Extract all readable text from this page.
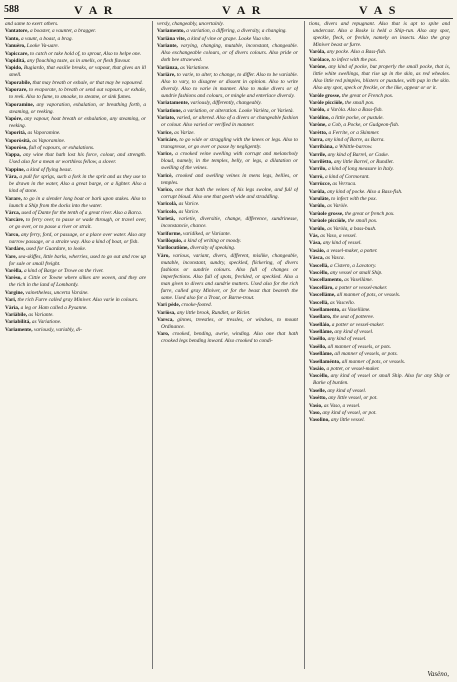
588	V A R	V A R	V A S
and same to exert others.
Vantatore, a boaster, a vaunter, a bragger.
Vanto, a vaunt, a boast, a brag.
Vanuèro, Looke Va-uare.
Vapiccare, to catch or take hold of, to sprout, Also to helpe one.
Vapiditá, any flouching taste, as in smells, or flesh flavour.
Vapido, Bugiardo, that easilie breaks, or vapour, that gives an ill smell.
Vaporabile, that may breath or exhale, or that may be vapoured.
Vaporare, to evaporate, to breath or send out vapours, or exhale, to reek. Also to fume, to smoake, to steame, or sink fumes.
Vaporamine, any vaporation, exhalation, or breathing forth, a steaming, or reeking.
Vapóre, any vapour, hoat breath or exhalation, any steaming, or reeking.
Vaporità, as Vaporamine.
Vaporòsità, as Vaporamine.
Vaporòso, full of vapours, or exhalations.
Vappa, any wine that hath lost his force, colour, and strength. Used also for a mean or worthless fellow, a slover.
Vappine, a kind of flying beast.
Vàra, a pull for sprigs, such a fork in the sprit and as they use to be drawn in the water, Also a great barge, or a lighter. Also a kind of stone.
Varare, to go in a slender long boat or bark upon stakes. Also to launch a Ship from the docks into the water.
Vàrca, used of Dante for the tenth of a great river. Also a Barca.
Varcàre, to ferry over, to passe or wade through, or travel over, or go over, or to passe a river or strait.
Varco, any ferry, ford, or passage, or a place over water. Also any narrow passage, or a straite way. Also a kind of boat, or fish.
Vardàre, used for Guardare, to looke.
Vare, sea-skiffes, little barks, wherries, used to go out and row up for sale or small freight.
Varèlla, a kind of Barge or Trowe on the river.
Varèso, a Cittie or Towne where silkes are woven, and they are the rich in the land of Lombardy.
Vargine, vainetheless, uncerta Varsine.
Vari, the rich Furre called gray Miniver. Also varie in colours.
Vàrìa, a leg or Ham called a Pysanne.
Variàbile, as Variante.
Variabilitá, as Variatione.
Variamente, variously, variably, di-
versly, changeably, uncertainly.
Variamento, a variation, a differing, a diversity, a changing.
Variàna vite, a kind of vine or grape. Looke Vua vite.
Variante, varying, changing, mutable, inconstant, changeable. Also exchangeable colours, or of divers colours. Also pride or doth bee strawwed.
Variànza, as Variatione.
Variàre, to varie, to alter, to change, to differ. Also to be variable. Also to vary, to disagree or dissent in opinion. Also to write diversly. Also to varie in manner. Also to make divers or of sundrie fashions and colours, or mingle and enterlace diversly.
Variatamente, variously, differently, changeably.
Variatione, a variation, or alteration. Looke Varièta, or Varietà.
Variato, varied, or altered. Also of a divers or changeable fashion or colour. Also varied or verified in manner.
Varice, as Varize.
Varicàre, to go wide or straggling with the knees or legs. Also to transgresse, or go over or passe by negligently.
Varice, a crooked veine swelling with corrupt and melancholy bloud, namely, in the temples, belly, or legs, a dilatation or swelling of the veines.
Varicè, crooked and swelling veines in mens legs, bellies, or temples.
Varìco, one that hath the veines of his legs swolne, and full of corrupt bloud. Also one that goeth wide and straddling.
Varicolà, as Varice.
Varicolo, as Varice.
Varietà, varietie, diversitie, change, difference, sundrinesse, inconstancie, chance.
Variforme, varidiked, or Variante.
Varilòquio, a kind of writing or moody.
Varilocutiòne, diversity of speaking.
Vàro, various, variant, divers, different, mislike, changeable, mutable, inconstant, sundry, speckled, flickering, of divers fashions or sundrie colours. Also full of changes or imperfections. Also full of spots, freckled, or speckled. Also a man given to divers and sundrie matters. Used also for the rich furre, called gray Miniver, or for the beast that beareth the same. Used also for a Trout, or Barne-trout.
Vari pède, crooke-footed.
Variòsa, any little brook, Rundlet, or Riclet.
Varsca, ginnes, treestles, or tressles, or windses, to mount Ordinance.
Varo, crooked, bending, awrie, winding. Also one that hath crooked legs bending inward. Also crooked to condi-
tions, divers and repugnant. Also that is apt to spite and undercast. Also a Boske is held a Ship-run. Also any spot, speckle, fleck, or freckle, namely on insects. Also the gray Miniver beast or furre.
Varòla, any pocke. Also a Bass-fish.
Varòlace, to infect with the pox.
Varòne, any kind of pocke, but properly the small pocke, that is, little white swellings, that rise up in the skin, as red wheales. Also little red pimples, blisters or pustules, with pap in the skin. Also any spot, speck or freckle, or the like, appear or or it.
Varòle grosse, the great or French pox.
Varòle picciòle, the small pox.
Varòlo, a Varòla. Also a Bass-fish.
Varòlino, a little pocke, or pustule.
Varòne, a Cob, a Pocke, or Gudgeon-fish.
Varètto, a Ferrite, or a Skimmer.
Varra, any kind of Barre, as Barra.
Varribàna, a Whittle-barrow.
Varrile, any kind of Barrel, or Caske.
Varrilètto, any little Barrel, or Rundlet.
Varrìlo, a kind of long measure in Italy.
Varrò, a kind of Cormorant.
Varrùcce, as Verruca.
Varùla, any kind of pocke. Also a Bass-fish.
Varulàte, to infect with the pox.
Varùlo, as Varòle.
Varùole grosse, the great or french pox.
Varùole picciòle, the small pox.
Varùlo, as Varòla, a bass-bush.
Vàs, as Vaso, a vessel.
Vàsa, any kind of vessel.
Vasàio, a vessel-maker, a potter.
Vàsca, as Vasca.
Vascellà, a Cistern, a Lavatory.
Vascèllo, any vessel or small Ship.
Vascellamento, as Vasellàme.
Vascellàro, a potter or vessel-maker.
Vascellàme, all manner of pots, or vessels.
Vascellà, as Vascello.
Vasellamento, as Vasellàme.
Vasellaro, the seat of potteree.
Vasellàio, a potter or vessel-maker.
Vasellàme, any kind of vessel.
Vasèllo, any kind of vessel.
Vasèllo, all manner of vessels, or pots.
Vasellàme, all manner of vessels, or pots.
Vasellaménto, all manner of pots, or vessels.
Vasàio, a potter, or vessel-maker.
Vascèllo, any kind of vessel or small Ship. Also for any Ship or Barke of burden.
Vaselle, any kind of vessel.
Vasétto, any little vessel, or pot.
Vasìo, as Vaso, a vessel.
Vaso, any kind of vessel, or pot.
Vasolino, any little vessel.
Vasèno,
